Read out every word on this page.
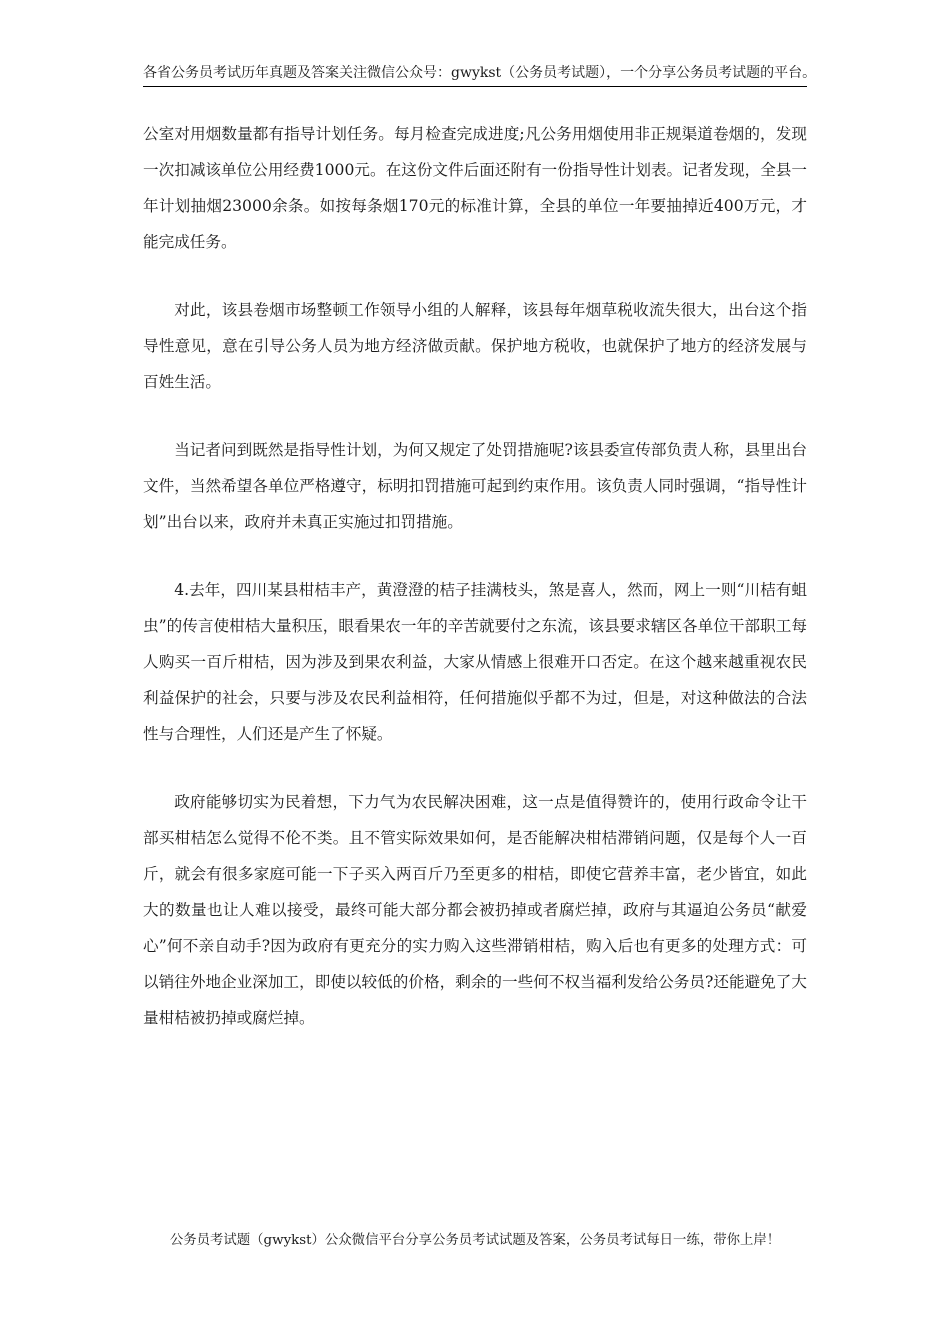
各省公务员考试历年真题及答案关注微信公众号：gwykst（公务员考试题），一个分享公务员考试题的平台。

公室对用烟数量都有指导计划任务。每月检查完成进度;凡公务用烟使用非正规渠道卷烟的，发现一次扣减该单位公用经费1000元。在这份文件后面还附有一份指导性计划表。记者发现，全县一年计划抽烟23000余条。如按每条烟170元的标准计算，全县的单位一年要抽掉近400万元，才能完成任务。

对此，该县卷烟市场整顿工作领导小组的人解释，该县每年烟草税收流失很大，出台这个指导性意见，意在引导公务人员为地方经济做贡献。保护地方税收，也就保护了地方的经济发展与百姓生活。

当记者问到既然是指导性计划，为何又规定了处罚措施呢?该县委宣传部负责人称，县里出台文件，当然希望各单位严格遵守，标明扣罚措施可起到约束作用。该负责人同时强调，“指导性计划”出台以来，政府并未真正实施过扣罚措施。

4.去年，四川某县柑桔丰产，黄澄澄的桔子挂满枝头，煞是喜人，然而，网上一则“川桔有蛆虫”的传言使柑桔大量积压，眼看果农一年的辛苦就要付之东流，该县要求辖区各单位干部职工每人购买一百斤柑桔，因为涉及到果农利益，大家从情感上很难开口否定。在这个越来越重视农民利益保护的社会，只要与涉及农民利益相符，任何措施似乎都不为过，但是，对这种做法的合法性与合理性，人们还是产生了怀疑。

政府能够切实为民着想，下力气为农民解决困难，这一点是值得赞许的，使用行政命令让干部买柑桔怎么觉得不伦不类。且不管实际效果如何，是否能解决柑桔滞销问题，仅是每个人一百斤，就会有很多家庭可能一下子买入两百斤乃至更多的柑桔，即使它营养丰富，老少皆宜，如此大的数量也让人难以接受，最终可能大部分都会被扔掉或者腐烂掉，政府与其逼迫公务员“献爱心”何不亲自动手?因为政府有更充分的实力购入这些滞销柑桔，购入后也有更多的处理方式：可以销往外地企业深加工，即使以较低的价格，剩余的一些何不权当福利发给公务员?还能避免了大量柑桔被扔掉或腐烂掉。

公务员考试题（gwykst）公众微信平台分享公务员考试试题及答案，公务员考试每日一练，带你上岸！
